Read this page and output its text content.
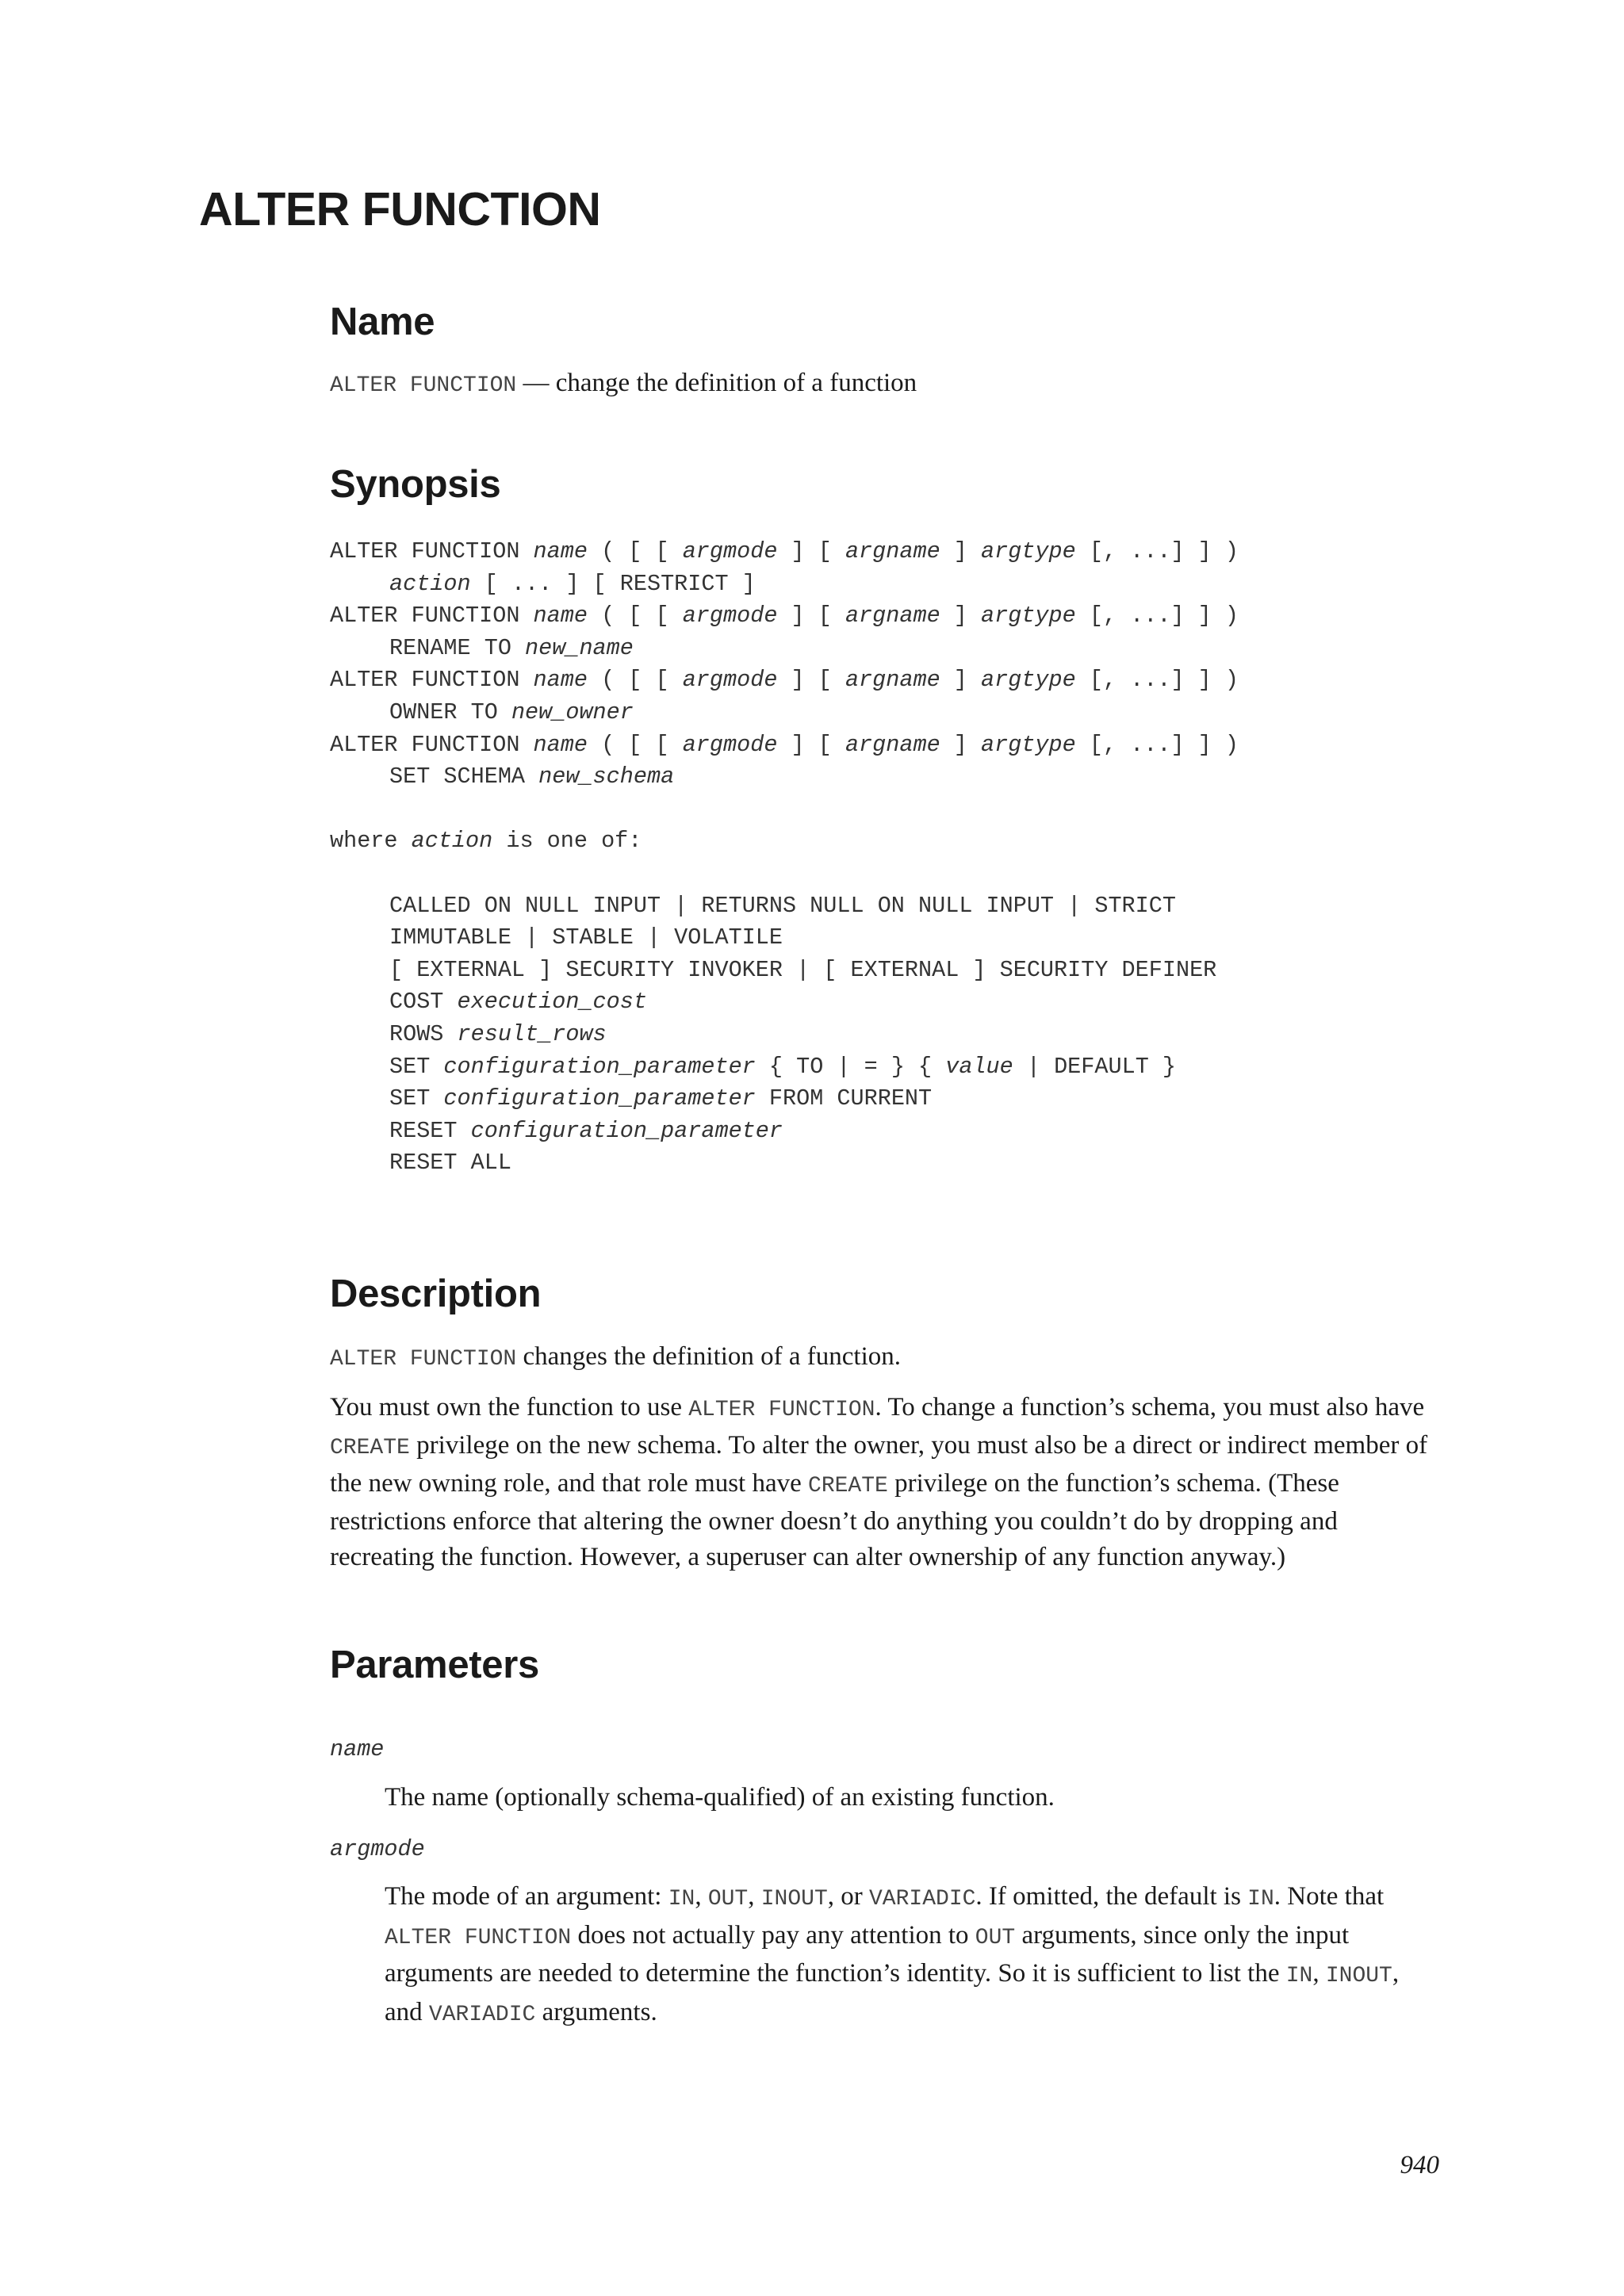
ALTER FUNCTION
Name

ALTER FUNCTION — change the definition of a function

Synopsis
ALTER FUNCTION name ( [ [ argmode ] [ argname ] argtype [, ...] ] )
action [ ... ] [ RESTRICT ]
ALTER FUNCTION name ( [ [ argmode ] [ argname ] argtype [, ...] ] )
RENAME TO new_name
ALTER FUNCTION name ( [ [ argmode ] [ argname ] argtype [, ...] ] )
OWNER TO new_owner
ALTER FUNCTION name ( [ [ argmode ] [ argname ] argtype [, ...] ] )
SET SCHEMA new_schema
where action is one of:
CALLED ON NULL INPUT | RETURNS NULL ON NULL INPUT | STRICT
IMMUTABLE | STABLE | VOLATILE
[ EXTERNAL ] SECURITY INVOKER | [ EXTERNAL ] SECURITY DEFINER
COST execution_cost
ROWS result_rows
SET configuration_parameter { TO | = } { value | DEFAULT }
SET configuration_parameter FROM CURRENT
RESET configuration_parameter
RESET ALL
Description

ALTER FUNCTION changes the definition of a function.

You must own the function to use ALTER FUNCTION. To change a function’s schema, you must also have CREATE privilege on the new schema. To alter the owner, you must also be a direct or indirect member of the new owning role, and that role must have CREATE privilege on the function’s schema. (These restrictions enforce that altering the owner doesn’t do anything you couldn’t do by dropping and recreating the function. However, a superuser can alter ownership of any function anyway.)

Parameters

name

The name (optionally schema-qualified) of an existing function.

argmode

The mode of an argument: IN, OUT, INOUT, or VARIADIC. If omitted, the default is IN. Note that ALTER FUNCTION does not actually pay any attention to OUT arguments, since only the input arguments are needed to determine the function’s identity. So it is sufficient to list the IN, INOUT, and VARIADIC arguments.

940
